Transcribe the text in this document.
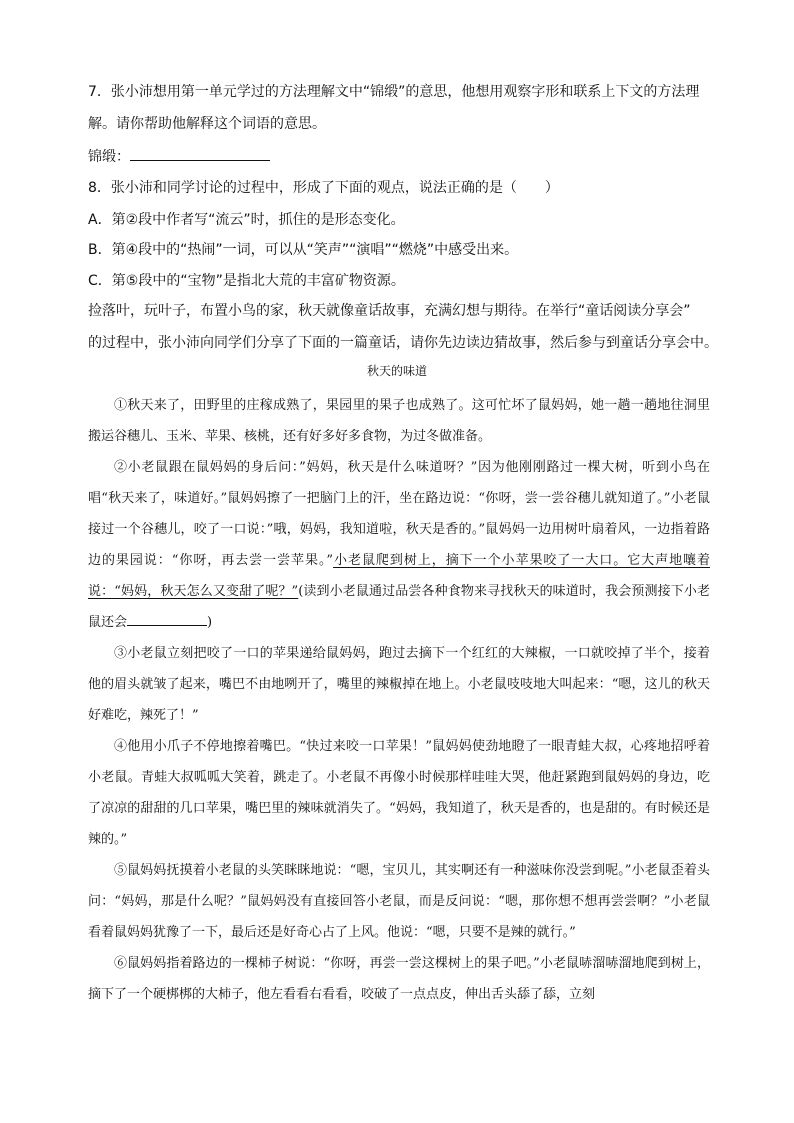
7．张小沛想用第一单元学过的方法理解文中“锦缎”的意思，他想用观察字形和联系上下文的方法理
解。请你帮助他解释这个词语的意思。
锦缎：
8．张小沛和同学讨论的过程中，形成了下面的观点，说法正确的是（　　）
A．第②段中作者写“流云”时，抓住的是形态变化。
B．第④段中的“热闹”一词，可以从“笑声”“演唱”“燃烧”中感受出来。
C．第⑤段中的“宝物”是指北大荒的丰富矿物资源。
捡落叶，玩叶子，布置小鸟的家，秋天就像童话故事，充满幻想与期待。在举行“童话阅读分享会”
的过程中，张小沛向同学们分享了下面的一篇童话，请你先边读边猜故事，然后参与到童话分享会中。
秋天的味道

①秋天来了，田野里的庄稼成熟了，果园里的果子也成熟了。这可忙坏了鼠妈妈，她一趟一趟地往洞里搬运谷穗儿、玉米、苹果、核桃，还有好多好多食物，为过冬做准备。

②小老鼠跟在鼠妈妈的身后问：”妈妈，秋天是什么味道呀？”因为他刚刚路过一棵大树，听到小鸟在唱“秋天来了，味道好。”鼠妈妈擦了一把脑门上的汗，坐在路边说：“你呀，尝一尝谷穗儿就知道了。”小老鼠接过一个谷穗儿，咬了一口说：”哦，妈妈，我知道啦，秋天是香的。”鼠妈妈一边用树叶扇着风，一边指着路边的果园说：“你呀，再去尝一尝苹果。”小老鼠爬到树上，摘下一个小苹果咬了一大口。它大声地嚷着说：“妈妈，秋天怎么又变甜了呢？”(读到小老鼠通过品尝各种食物来寻找秋天的味道时，我会预测接下小老鼠还会	)

③小老鼠立刻把咬了一口的苹果递给鼠妈妈，跑过去摘下一个红红的大辣椒，一口就咬掉了半个，接着他的眉头就皱了起来，嘴巴不由地咧开了，嘴里的辣椒掉在地上。小老鼠吱吱地大叫起来：“嗯，这儿的秋天好难吃，辣死了！”

④他用小爪子不停地擦着嘴巴。“快过来咬一口苹果！”鼠妈妈使劲地瞪了一眼青蛙大叔，心疼地招呼着小老鼠。青蛙大叔呱呱大笑着，跳走了。小老鼠不再像小时候那样哇哇大哭，他赶紧跑到鼠妈妈的身边，吃了凉凉的甜甜的几口苹果，嘴巴里的辣味就消失了。“妈妈，我知道了，秋天是香的，也是甜的。有时候还是辣的。”

⑤鼠妈妈抚摸着小老鼠的头笑眯眯地说：“嗯，宝贝儿，其实啊还有一种滋味你没尝到呢。”小老鼠歪着头问：“妈妈，那是什么呢？”鼠妈妈没有直接回答小老鼠，而是反问说：“嗯，那你想不想再尝尝啊？”小老鼠看着鼠妈妈犹豫了一下，最后还是好奇心占了上风。他说：“嗯，只要不是辣的就行。”

⑥鼠妈妈指着路边的一棵柿子树说：“你呀，再尝一尝这棵树上的果子吧。”小老鼠哧溜哧溜地爬到树上，摘下了一个硬梆梆的大柿子，他左看看右看看，咬破了一点点皮，伸出舌头舔了舔，立刻
